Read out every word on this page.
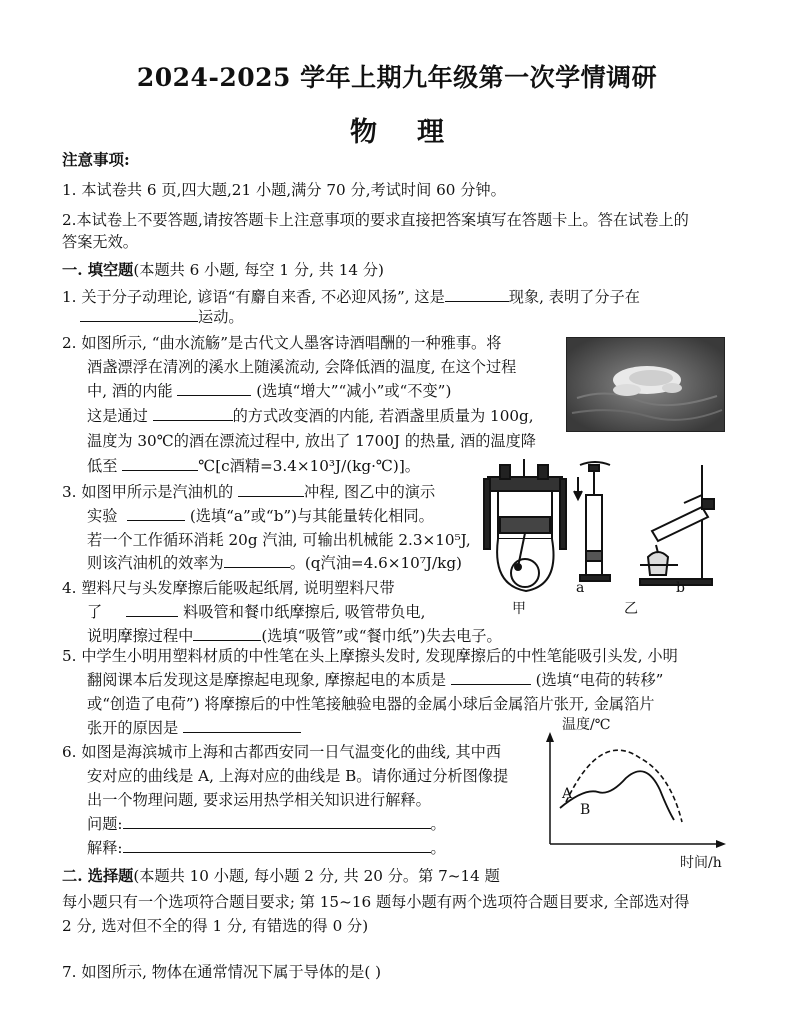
2024-2025 学年上期九年级第一次学情调研
物理
注意事项:
1. 本试卷共 6 页,四大题,21 小题,满分 70 分,考试时间 60 分钟。
2.本试卷上不要答题,请按答题卡上注意事项的要求直接把答案填写在答题卡上。答在试卷上的
答案无效。
一. 填空题(本题共 6 小题, 每空 1 分, 共 14 分)
1. 关于分子动理论, 谚语“有麝自来香, 不必迎风扬”, 这是	现象, 表明了分子在
运动。
2. 如图所示, “曲水流觞”是古代文人墨客诗酒唱酬的一种雅事。将
酒盏漂浮在清冽的溪水上随溪流动, 会降低酒的温度, 在这个过程
中, 酒的内能	(选填“增大”“减小”或“不变”)
这是通过	的方式改变酒的内能, 若酒盏里质量为 100g,
温度为 30℃的酒在漂流过程中, 放出了 1700J 的热量, 酒的温度降
低至	℃[c酒精=3.4×10³J/(kg·℃)]。
3. 如图甲所示是汽油机的	冲程, 图乙中的演示
实验	(选填“a”或“b”)与其能量转化相同。
若一个工作循环消耗 20g 汽油, 可输出机械能 2.3×10⁵J,
则该汽油机的效率为	。(q汽油=4.6×10⁷J/kg)
4. 塑料尺与头发摩擦后能吸起纸屑, 说明塑料尺带
了	料吸管和餐巾纸摩擦后, 吸管带负电,
说明摩擦过程中	(选填“吸管”或“餐巾纸”)失去电子。
a	b
甲	乙
5. 中学生小明用塑料材质的中性笔在头上摩擦头发时, 发现摩擦后的中性笔能吸引头发, 小明
翻阅课本后发现这是摩擦起电现象, 摩擦起电的本质是	(选填“电荷的转移”
或“创造了电荷”) 将摩擦后的中性笔接触验电器的金属小球后金属箔片张开, 金属箔片
张开的原因是
6. 如图是海滨城市上海和古都西安同一日气温变化的曲线, 其中西
安对应的曲线是 A, 上海对应的曲线是 B。请你通过分析图像提
出一个物理问题, 要求运用热学相关知识进行解释。
问题:	。
解释:	。
温度/℃
时间/h
A
B
二. 选择题(本题共 10 小题, 每小题 2 分, 共 20 分。第 7~14 题
每小题只有一个选项符合题目要求; 第 15~16 题每小题有两个选项符合题目要求, 全部选对得
2 分, 选对但不全的得 1 分, 有错选的得 0 分)
7. 如图所示, 物体在通常情况下属于导体的是( )
